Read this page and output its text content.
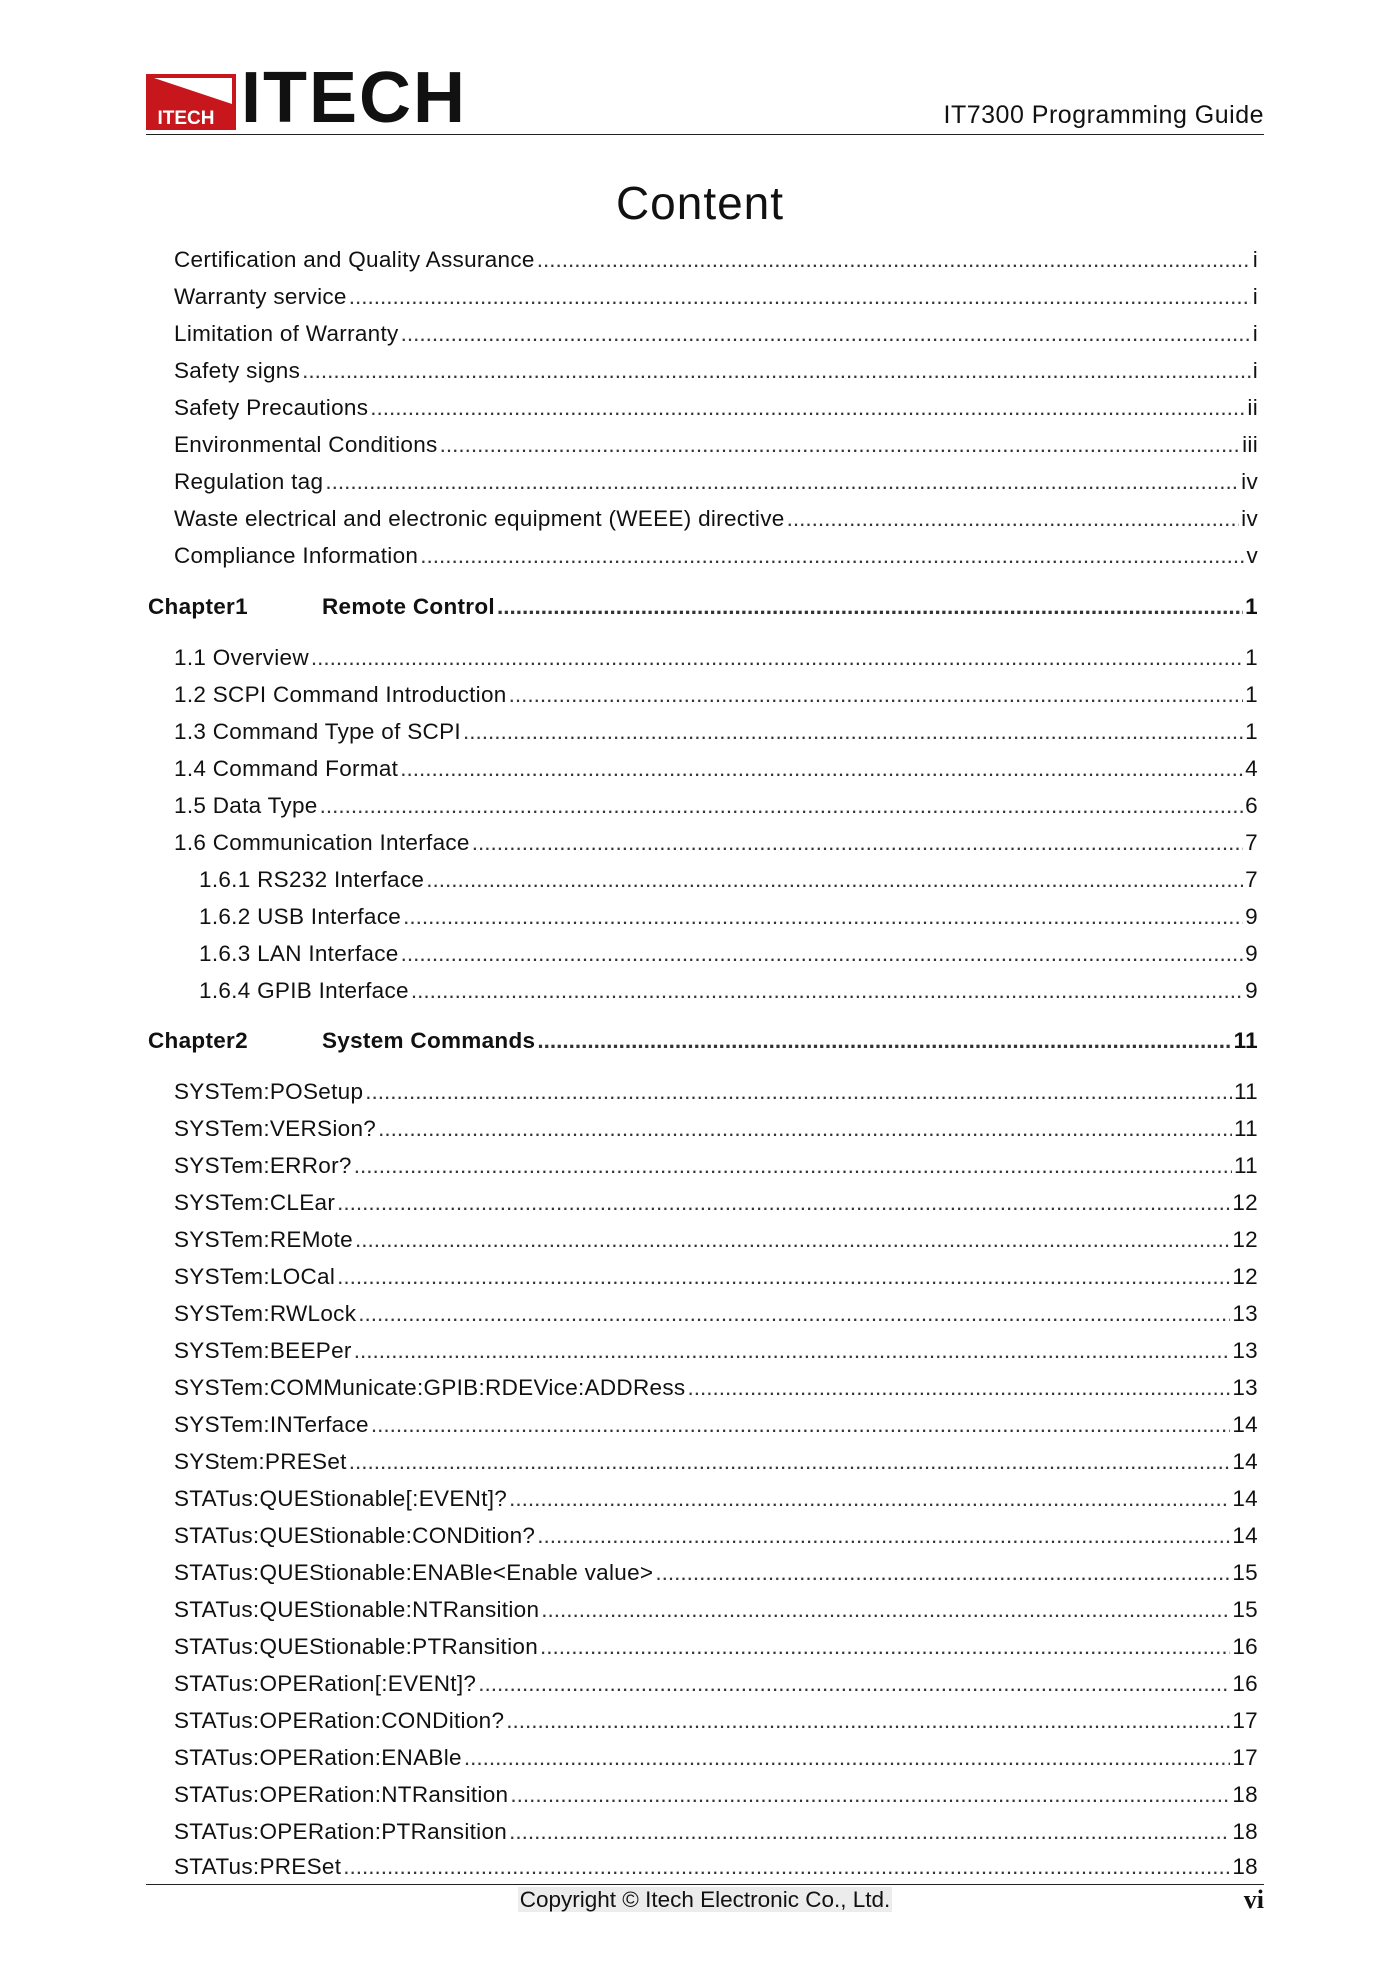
ITECH ITECH	IT7300 Programming Guide
Content
Certification and Quality Assurance .....	i
Warranty service .....	i
Limitation of Warranty .....	i
Safety signs .....	i
Safety Precautions .....	ii
Environmental Conditions .....	iii
Regulation tag .....	iv
Waste electrical and electronic equipment (WEEE) directive .....	iv
Compliance Information .....	v
Chapter1	Remote Control .....	1
1.1 Overview .....	1
1.2 SCPI Command Introduction .....	1
1.3 Command Type of SCPI .....	1
1.4 Command Format .....	4
1.5 Data Type .....	6
1.6 Communication Interface .....	7
1.6.1 RS232 Interface .....	7
1.6.2 USB Interface .....	9
1.6.3 LAN Interface .....	9
1.6.4 GPIB Interface .....	9
Chapter2	System Commands .....	11
SYSTem:POSetup .....	11
SYSTem:VERSion? .....	11
SYSTem:ERRor? .....	11
SYSTem:CLEar .....	12
SYSTem:REMote .....	12
SYSTem:LOCal .....	12
SYSTem:RWLock .....	13
SYSTem:BEEPer .....	13
SYSTem:COMMunicate:GPIB:RDEVice:ADDRess .....	13
SYSTem:INTerface .....	14
SYStem:PRESet .....	14
STATus:QUEStionable[:EVENt]? .....	14
STATus:QUEStionable:CONDition? .....	14
STATus:QUEStionable:ENABle<Enable value> .....	15
STATus:QUEStionable:NTRansition .....	15
STATus:QUEStionable:PTRansition .....	16
STATus:OPERation[:EVENt]? .....	16
STATus:OPERation:CONDition? .....	17
STATus:OPERation:ENABle .....	17
STATus:OPERation:NTRansition .....	18
STATus:OPERation:PTRansition .....	18
STATus:PRESet .....	18
Copyright © Itech Electronic Co., Ltd.	vi
